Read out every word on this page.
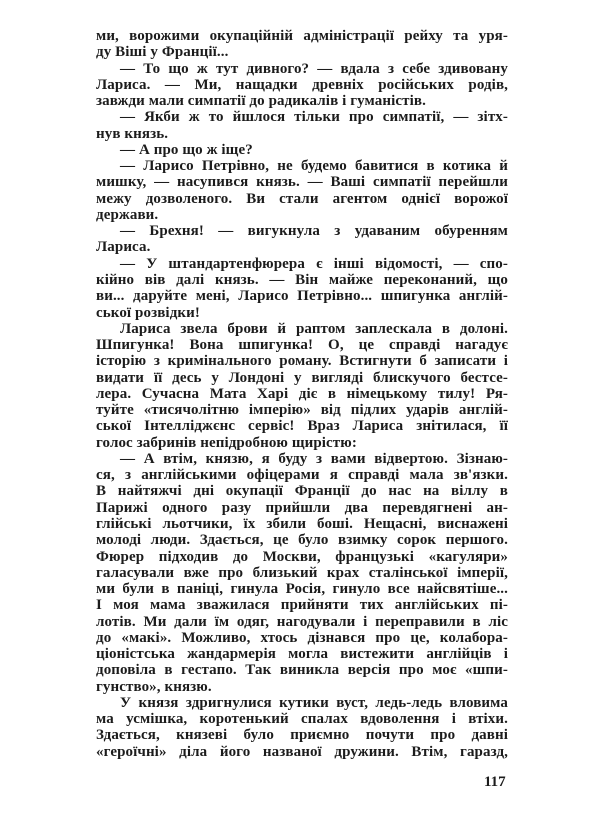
ми, ворожими окупаційній адміністрації рейху та уря-
ду Віші у Франції...
— То що ж тут дивного? — вдала з себе здивовану
Лариса. — Ми, нащадки древніх російських родів,
завжди мали симпатії до радикалів і гуманістів.
— Якби ж то йшлося тільки про симпатії, — зітх-
нув князь.
— А про що ж іще?
— Ларисо Петрівно, не будемо бавитися в котика й
мишку, — насупився князь. — Ваші симпатії перейшли
межу дозволеного. Ви стали агентом однієї ворожої
держави.
— Брехня! — вигукнула з удаваним обуренням
Лариса.
— У штандартенфюрера є інші відомості, — спо-
кійно вів далі князь. — Він майже переконаний, що
ви... даруйте мені, Ларисо Петрівно... шпигунка англій-
ської розвідки!
Лариса звела брови й раптом заплескала в долоні.
Шпигунка! Вона шпигунка! О, це справді нагадує
історію з кримінального роману. Встигнути б записати і
видати її десь у Лондоні у вигляді блискучого бестсе-
лера. Сучасна Мата Харі діє в німецькому тилу! Ря-
туйте «тисячолітню імперію» від підлих ударів англій-
ської Інтелліджєнс сервіс! Враз Лариса знітилася, її
голос забринів непідробною щирістю:
— А втім, князю, я буду з вами відвертою. Зізнаю-
ся, з англійськими офіцерами я справді мала зв'язки.
В найтяжчі дні окупації Франції до нас на віллу в
Парижі одного разу прийшли два перевдягнені ан-
глійські льотчики, їх збили боші. Нещасні, виснажені
молоді люди. Здається, це було взимку сорок першого.
Фюрер підходив до Москви, французькі «кагуляри»
галасували вже про близький крах сталінської імперії,
ми були в паніці, гинула Росія, гинуло все найсвятіше...
І моя мама зважилася прийняти тих англійських пі-
лотів. Ми дали їм одяг, нагодували і переправили в ліс
до «макі». Можливо, хтось дізнався про це, колабора-
ціоністська жандармерія могла вистежити англійців і
доповіла в гестапо. Так виникла версія про моє «шпи-
гунство», князю.
У князя здригнулися кутики вуст, ледь-ледь вловима
ма усмішка, коротенький спалах вдоволення і втіхи.
Здається, князеві було приємно почути про давні
«героїчні» діла його названої дружини. Втім, гаразд,
117
